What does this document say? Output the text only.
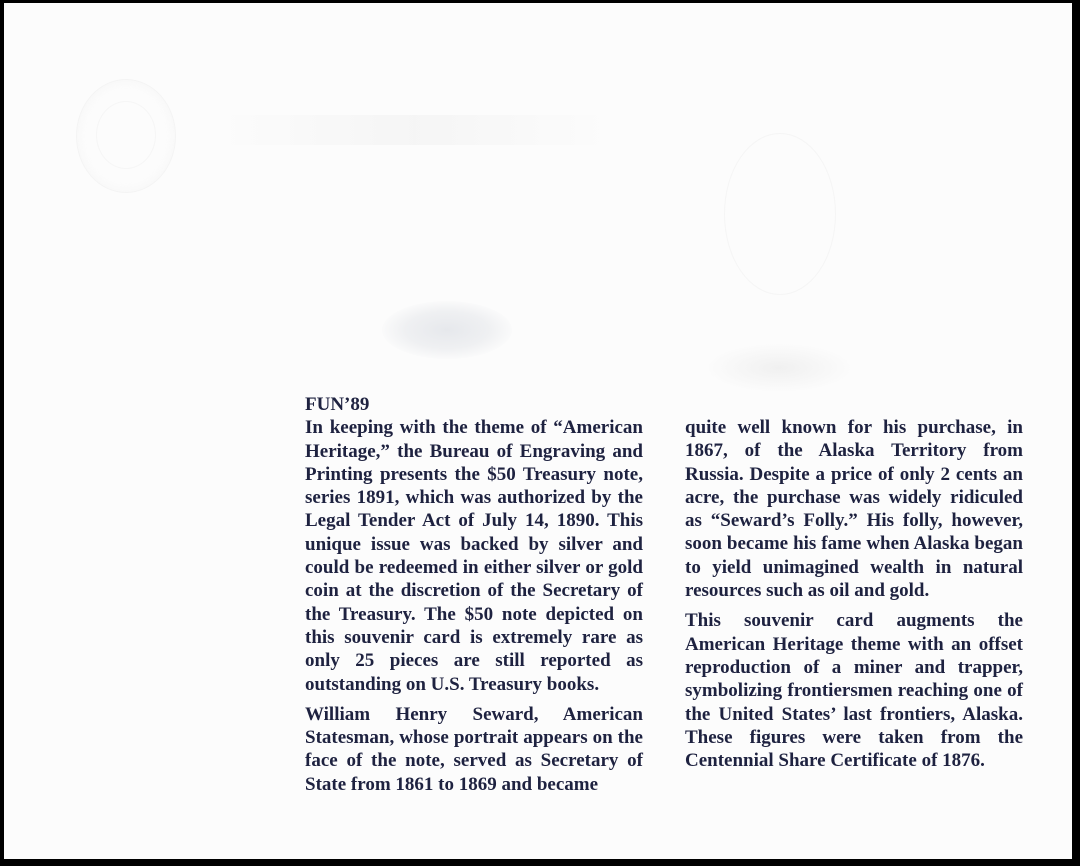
FUN’89

In keeping with the theme of “American Heritage,” the Bureau of Engraving and Printing presents the $50 Treasury note, series 1891, which was authorized by the Legal Tender Act of July 14, 1890. This unique issue was backed by silver and could be redeemed in either silver or gold coin at the discretion of the Secretary of the Treasury. The $50 note depicted on this souvenir card is extremely rare as only 25 pieces are still reported as outstanding on U.S. Treasury books.

William Henry Seward, American Statesman, whose portrait appears on the face of the note, served as Secretary of State from 1861 to 1869 and became

quite well known for his purchase, in 1867, of the Alaska Territory from Russia. Despite a price of only 2 cents an acre, the purchase was widely ridiculed as “Seward’s Folly.” His folly, however, soon became his fame when Alaska began to yield unimagined wealth in natural resources such as oil and gold.

This souvenir card augments the American Heritage theme with an offset reproduction of a miner and trapper, symbolizing frontiersmen reaching one of the United States’ last frontiers, Alaska. These figures were taken from the Centennial Share Certificate of 1876.
